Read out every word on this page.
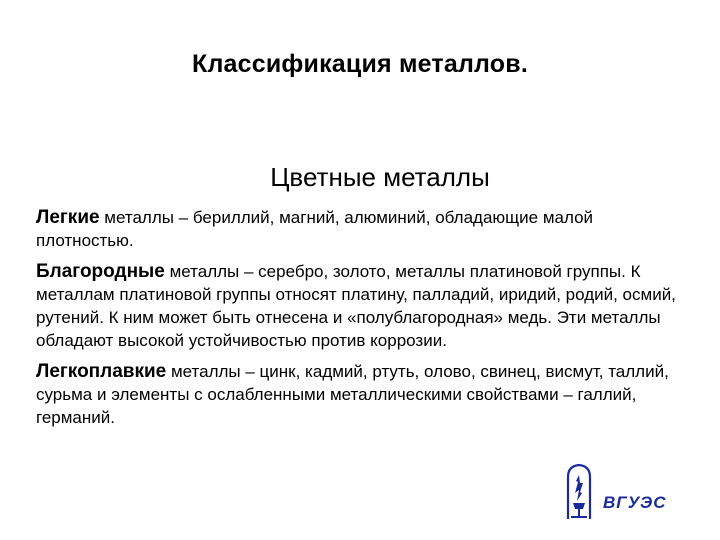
Классификация металлов.
Цветные металлы

Легкие металлы – бериллий, магний, алюминий, обладающие малой плотностью.

Благородные металлы – серебро, золото, металлы платиновой группы. К металлам платиновой группы относят платину, палладий, иридий, родий, осмий, рутений. К ним может быть отнесена и «полублагородная» медь. Эти металлы обладают высокой устойчивостью против коррозии.

Легкоплавкие металлы – цинк, кадмий, ртуть, олово, свинец, висмут, таллий, сурьма и элементы с ослабленными металлическими свойствами – галлий, германий.

ВГУЭС
